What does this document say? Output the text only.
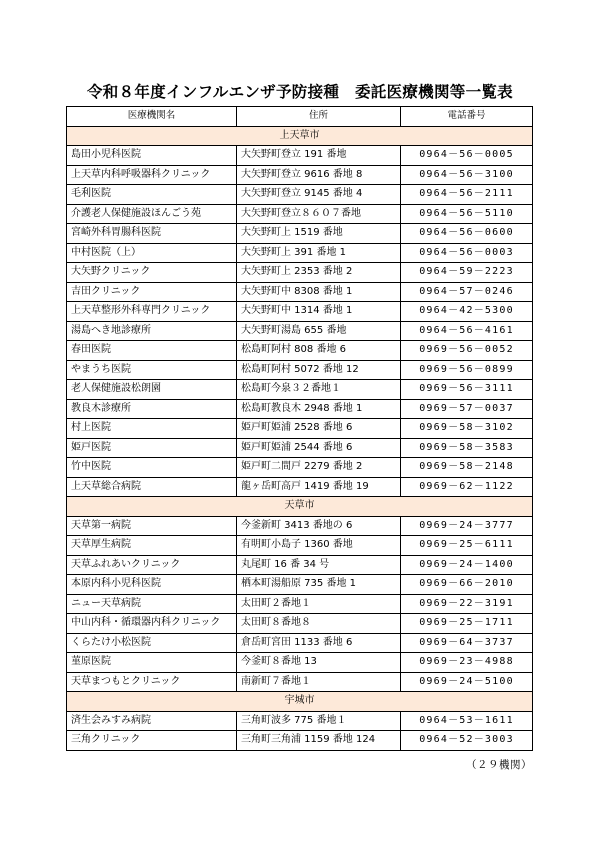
令和８年度インフルエンザ予防接種　委託医療機関等一覧表
医療機関名	住所	電話番号
上天草市		
島田小児科医院	大矢野町登立 191 番地	0964－56－0005
上天草内科呼吸器科クリニック	大矢野町登立 9616 番地 8	0964－56－3100
毛利医院	大矢野町登立 9145 番地 4	0964－56－2111
介護老人保健施設ほんごう苑	大矢野町登立８６０７番地	0964－56－5110
宮崎外科胃腸科医院	大矢野町上 1519 番地	0964－56－0600
中村医院（上）	大矢野町上 391 番地 1	0964－56－0003
大矢野クリニック	大矢野町上 2353 番地 2	0964－59－2223
吉田クリニック	大矢野町中 8308 番地 1	0964－57－0246
上天草整形外科専門クリニック	大矢野町中 1314 番地 1	0964－42－5300
湯島へき地診療所	大矢野町湯島 655 番地	0964－56－4161
春田医院	松島町阿村 808 番地 6	0969－56－0052
やまうち医院	松島町阿村 5072 番地 12	0969－56－0899
老人保健施設松朗園	松島町今泉３２番地１	0969－56－3111
教良木診療所	松島町教良木 2948 番地 1	0969－57－0037
村上医院	姫戸町姫浦 2528 番地 6	0969－58－3102
姫戸医院	姫戸町姫浦 2544 番地 6	0969－58－3583
竹中医院	姫戸町二間戸 2279 番地 2	0969－58－2148
上天草総合病院	龍ヶ岳町高戸 1419 番地 19	0969－62－1122
天草市		
天草第一病院	今釜新町 3413 番地の 6	0969－24－3777
天草厚生病院	有明町小島子 1360 番地	0969－25－6111
天草ふれあいクリニック	丸尾町 16 番 34 号	0969－24－1400
本原内科小児科医院	栖本町湯船原 735 番地 1	0969－66－2010
ニュー天草病院	太田町２番地１	0969－22－3191
中山内科・循環器内科クリニック	太田町８番地８	0969－25－1711
くらたけ小松医院	倉岳町宮田 1133 番地 6	0969－64－3737
菫原医院	今釜町８番地 13	0969－23－4988
天草まつもとクリニック	南新町７番地１	0969－24－5100
宇城市		
済生会みすみ病院	三角町波多 775 番地１	0964－53－1611
三角クリニック	三角町三角浦 1159 番地 124	0964－52－3003
（２９機関）
